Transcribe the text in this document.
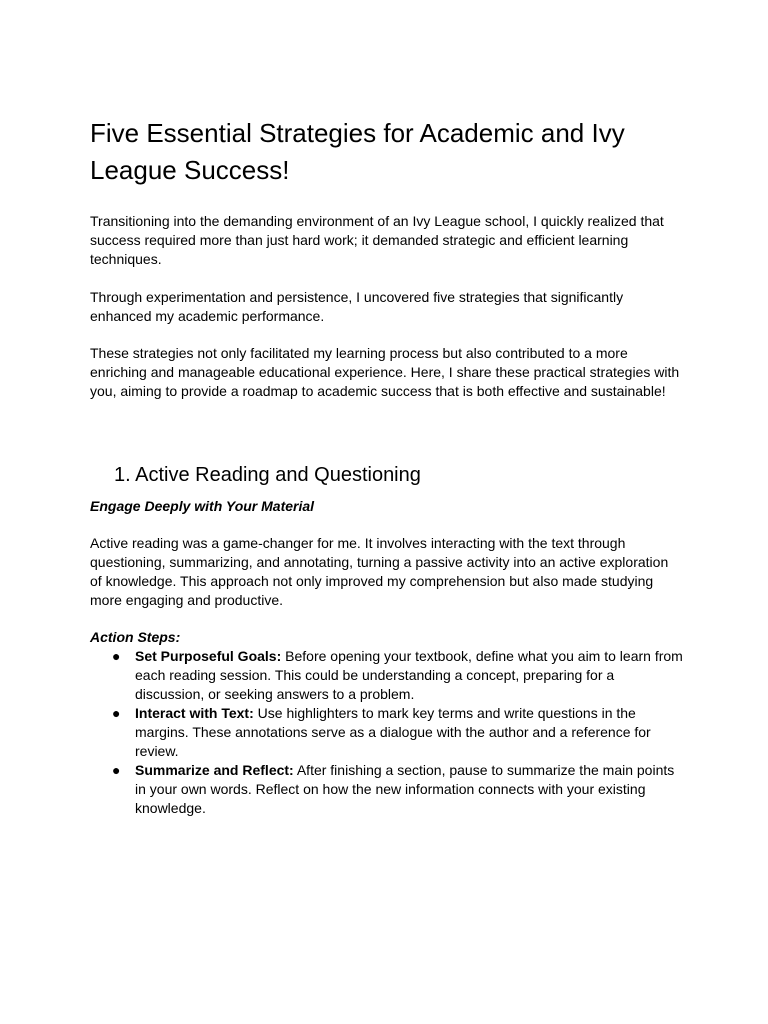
Five Essential Strategies for Academic and Ivy League Success!

Transitioning into the demanding environment of an Ivy League school, I quickly realized that success required more than just hard work; it demanded strategic and efficient learning techniques.

Through experimentation and persistence, I uncovered five strategies that significantly enhanced my academic performance.

These strategies not only facilitated my learning process but also contributed to a more enriching and manageable educational experience. Here, I share these practical strategies with you, aiming to provide a roadmap to academic success that is both effective and sustainable!

1. Active Reading and Questioning

Engage Deeply with Your Material

Active reading was a game-changer for me. It involves interacting with the text through questioning, summarizing, and annotating, turning a passive activity into an active exploration of knowledge. This approach not only improved my comprehension but also made studying more engaging and productive.

Action Steps:

● Set Purposeful Goals: Before opening your textbook, define what you aim to learn from each reading session. This could be understanding a concept, preparing for a discussion, or seeking answers to a problem.
● Interact with Text: Use highlighters to mark key terms and write questions in the margins. These annotations serve as a dialogue with the author and a reference for review.
● Summarize and Reflect: After finishing a section, pause to summarize the main points in your own words. Reflect on how the new information connects with your existing knowledge.
